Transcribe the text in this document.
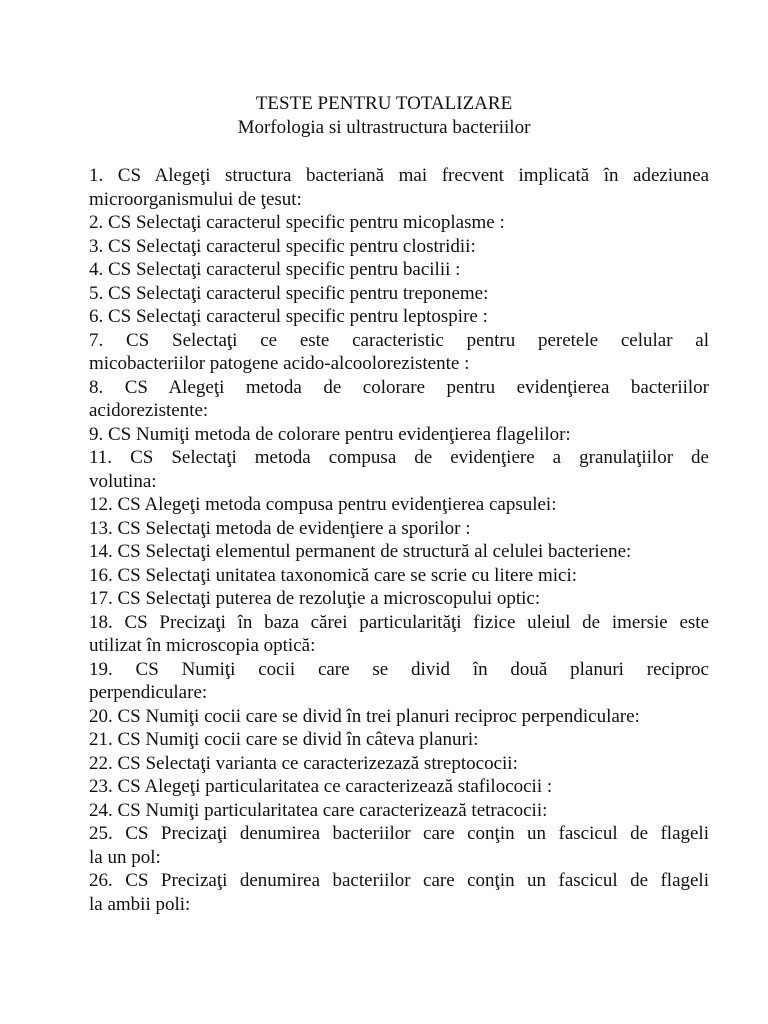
TESTE PENTRU TOTALIZARE
Morfologia si ultrastructura bacteriilor
1. CS Alegeţi structura bacteriană mai frecvent implicată în adeziunea
microorganismului de ţesut:
2. CS Selectaţi caracterul specific pentru micoplasme :
3. CS Selectaţi caracterul specific pentru clostridii:
4. CS Selectaţi caracterul specific pentru bacilii :
5. CS Selectaţi caracterul specific pentru treponeme:
6. CS Selectaţi caracterul specific pentru leptospire :
7. CS Selectaţi ce este caracteristic pentru peretele celular al
micobacteriilor patogene acido-alcoolorezistente :
8. CS Alegeţi metoda de colorare pentru evidenţierea bacteriilor
acidorezistente:
9. CS Numiţi metoda de colorare pentru evidenţierea flagelilor:
11. CS Selectaţi metoda compusa de evidenţiere a granulaţiilor de
volutina:
12. CS Alegeţi metoda compusa pentru evidenţierea capsulei:
13. CS Selectaţi metoda de evidenţiere a sporilor :
14. CS Selectaţi elementul permanent de structură al celulei bacteriene:
16. CS Selectaţi unitatea taxonomică care se scrie cu litere mici:
17. CS Selectaţi puterea de rezoluţie a microscopului optic:
18. CS Precizaţi în baza cărei particularităţi fizice uleiul de imersie este
utilizat în microscopia optică:
19. CS Numiţi cocii care se divid în două planuri reciproc
perpendiculare:
20. CS Numiţi cocii care se divid în trei planuri reciproc perpendiculare:
21. CS Numiţi cocii care se divid în câteva planuri:
22. CS Selectaţi varianta ce caracterizezază streptococii:
23. CS Alegeţi particularitatea ce caracterizează stafilococii :
24. CS Numiţi particularitatea care caracterizează tetracocii:
25. CS Precizaţi denumirea bacteriilor care conţin un fascicul de flageli
la un pol:
26. CS Precizaţi denumirea bacteriilor care conţin un fascicul de flageli
la ambii poli:
